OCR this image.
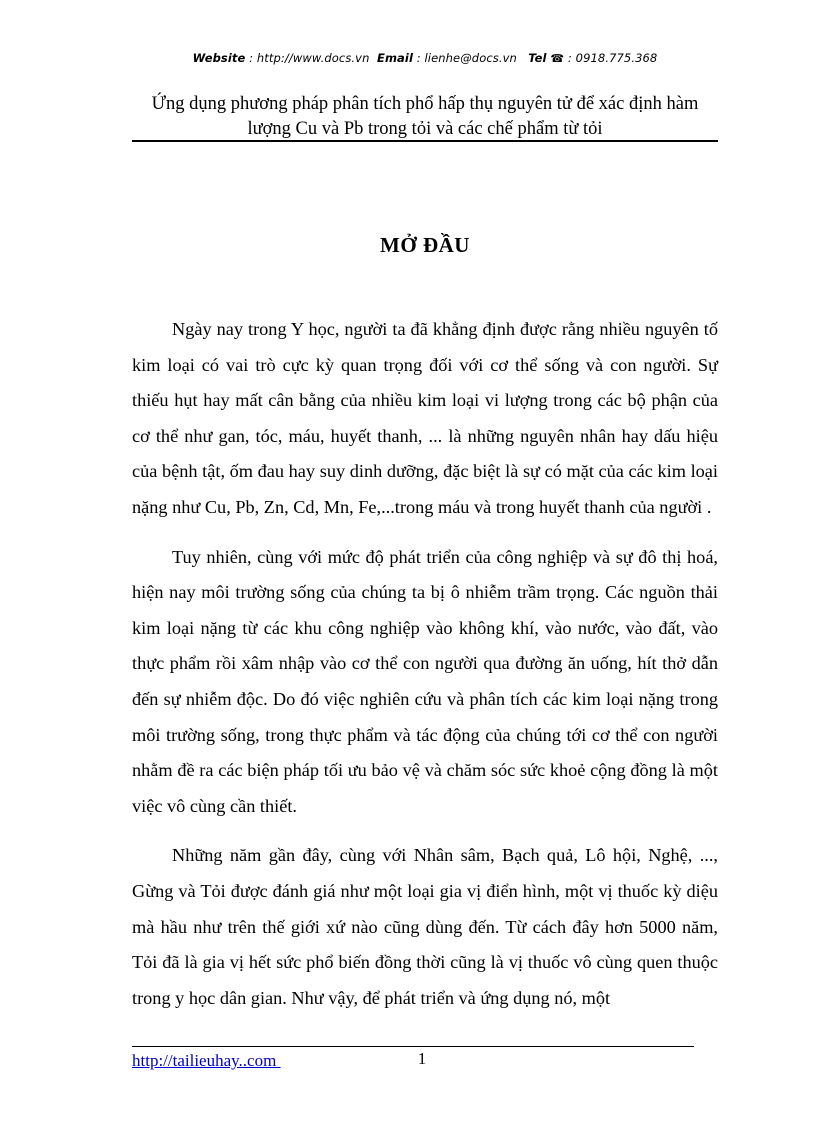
Website : http://www.docs.vn Email : lienhe@docs.vn Tel ☎ : 0918.775.368
Ứng dụng phương pháp phân tích phổ hấp thụ nguyên tử để xác định hàm
lượng Cu và Pb trong tỏi và các chế phẩm từ tỏi
MỞ ĐẦU

Ngày nay trong Y học, người ta đã khẳng định được rằng nhiều nguyên tố kim loại có vai trò cực kỳ quan trọng đối với cơ thể sống và con người. Sự thiếu hụt hay mất cân bằng của nhiều kim loại vi lượng trong các bộ phận của cơ thể như gan, tóc, máu, huyết thanh, ... là những nguyên nhân hay dấu hiệu của bệnh tật, ốm đau hay suy dinh dưỡng, đặc biệt là sự có mặt của các kim loại nặng như Cu, Pb, Zn, Cd, Mn, Fe,...trong máu và trong huyết thanh của người .

Tuy nhiên, cùng với mức độ phát triển của công nghiệp và sự đô thị hoá, hiện nay môi trường sống của chúng ta bị ô nhiễm trầm trọng. Các nguồn thải kim loại nặng từ các khu công nghiệp vào không khí, vào nước, vào đất, vào thực phẩm rồi xâm nhập vào cơ thể con người qua đường ăn uống, hít thở dẫn đến sự nhiễm độc. Do đó việc nghiên cứu và phân tích các kim loại nặng trong môi trường sống, trong thực phẩm và tác động của chúng tới cơ thể con người nhằm đề ra các biện pháp tối ưu bảo vệ và chăm sóc sức khoẻ cộng đồng là một việc vô cùng cần thiết.

Những năm gần đây, cùng với Nhân sâm, Bạch quả, Lô hội, Nghệ, ..., Gừng và Tỏi được đánh giá như một loại gia vị điển hình, một vị thuốc kỳ diệu mà hầu như trên thế giới xứ nào cũng dùng đến. Từ cách đây hơn 5000 năm, Tỏi đã là gia vị hết sức phổ biến đồng thời cũng là vị thuốc vô cùng quen thuộc trong y học dân gian. Như vậy, để phát triển và ứng dụng nó, một

http://tailieuhay..com	1
